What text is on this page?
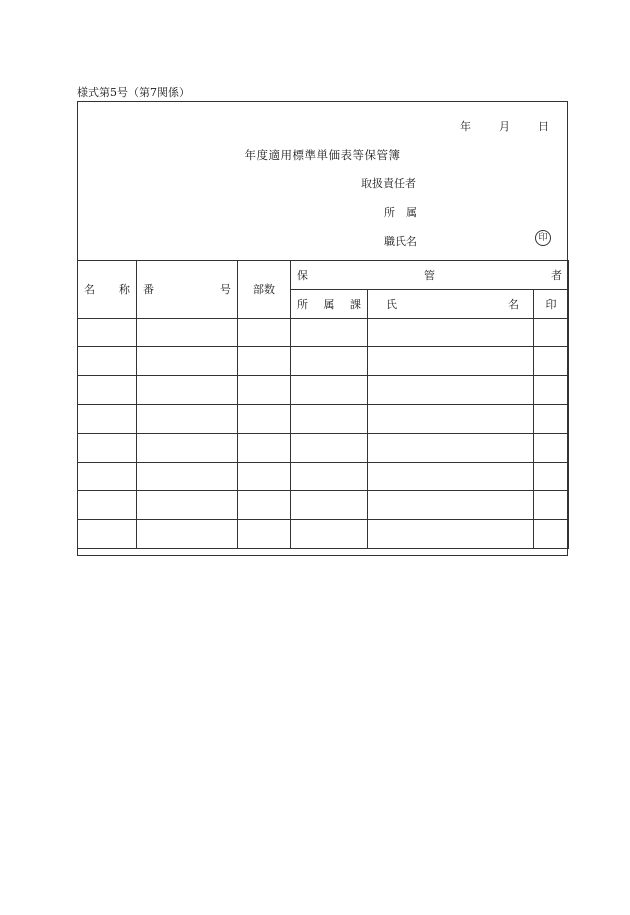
様式第5号（第7関係）
年	月	日
年度適用標準単価表等保管簿
取扱責任者
所　属
職氏名	印
名 称	番 号	部数	保 管 者		

			所 属 課	氏 名	印
